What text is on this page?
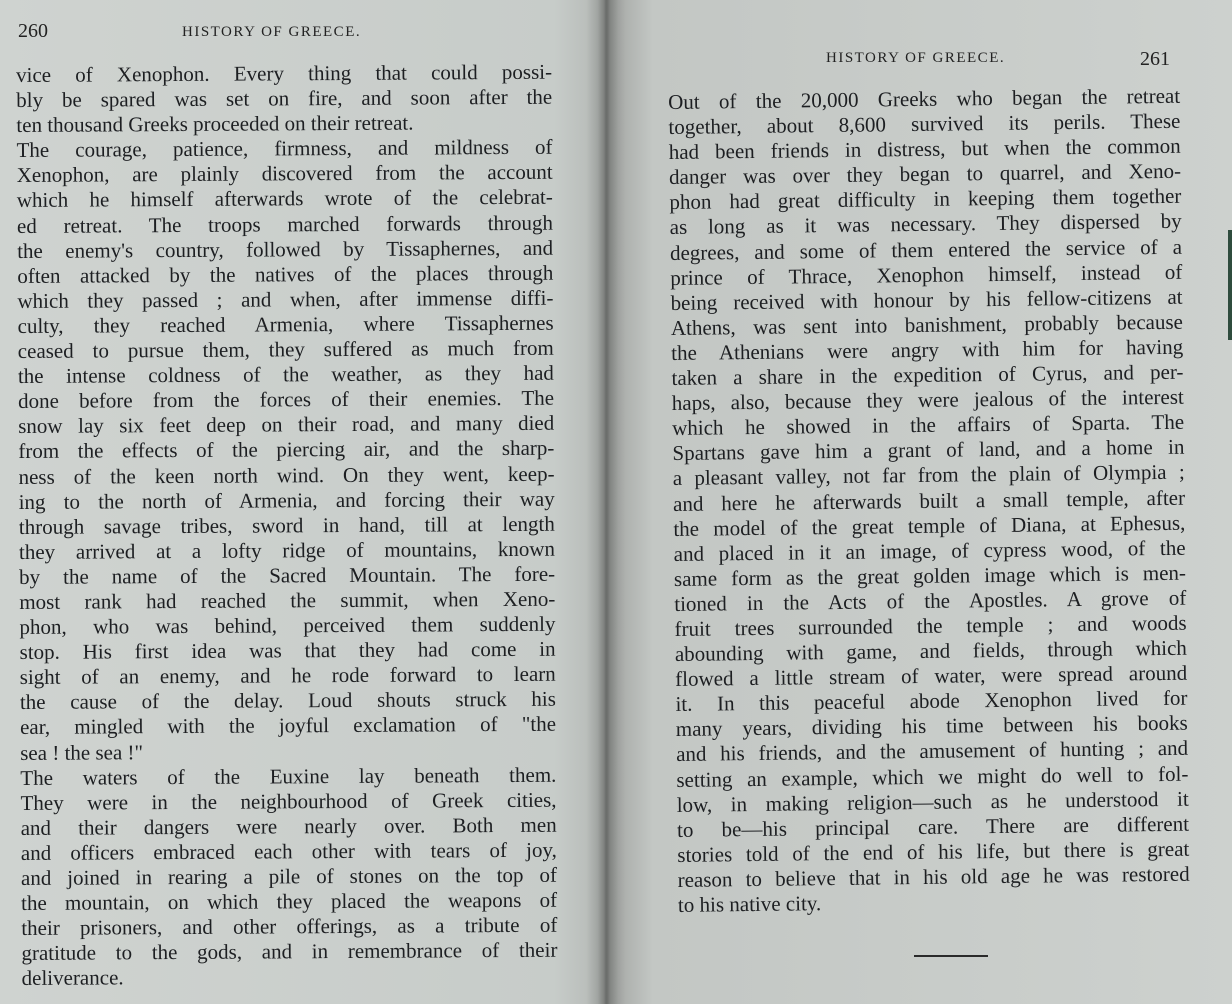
260	HISTORY OF GREECE.
vice of Xenophon. Every thing that could possi-
bly be spared was set on fire, and soon after the
ten thousand Greeks proceeded on their retreat.
The courage, patience, firmness, and mildness of
Xenophon, are plainly discovered from the account
which he himself afterwards wrote of the celebrat-
ed retreat. The troops marched forwards through
the enemy's country, followed by Tissaphernes, and
often attacked by the natives of the places through
which they passed ; and when, after immense diffi-
culty, they reached Armenia, where Tissaphernes
ceased to pursue them, they suffered as much from
the intense coldness of the weather, as they had
done before from the forces of their enemies. The
snow lay six feet deep on their road, and many died
from the effects of the piercing air, and the sharp-
ness of the keen north wind. On they went, keep-
ing to the north of Armenia, and forcing their way
through savage tribes, sword in hand, till at length
they arrived at a lofty ridge of mountains, known
by the name of the Sacred Mountain. The fore-
most rank had reached the summit, when Xeno-
phon, who was behind, perceived them suddenly
stop. His first idea was that they had come in
sight of an enemy, and he rode forward to learn
the cause of the delay. Loud shouts struck his
ear, mingled with the joyful exclamation of "the
sea ! the sea !"
The waters of the Euxine lay beneath them.
They were in the neighbourhood of Greek cities,
and their dangers were nearly over. Both men
and officers embraced each other with tears of joy,
and joined in rearing a pile of stones on the top of
the mountain, on which they placed the weapons of
their prisoners, and other offerings, as a tribute of
gratitude to the gods, and in remembrance of their
deliverance.
HISTORY OF GREECE.	261
Out of the 20,000 Greeks who began the retreat
together, about 8,600 survived its perils. These
had been friends in distress, but when the common
danger was over they began to quarrel, and Xeno-
phon had great difficulty in keeping them together
as long as it was necessary. They dispersed by
degrees, and some of them entered the service of a
prince of Thrace, Xenophon himself, instead of
being received with honour by his fellow-citizens at
Athens, was sent into banishment, probably because
the Athenians were angry with him for having
taken a share in the expedition of Cyrus, and per-
haps, also, because they were jealous of the interest
which he showed in the affairs of Sparta. The
Spartans gave him a grant of land, and a home in
a pleasant valley, not far from the plain of Olympia ;
and here he afterwards built a small temple, after
the model of the great temple of Diana, at Ephesus,
and placed in it an image, of cypress wood, of the
same form as the great golden image which is men-
tioned in the Acts of the Apostles. A grove of
fruit trees surrounded the temple ; and woods
abounding with game, and fields, through which
flowed a little stream of water, were spread around
it. In this peaceful abode Xenophon lived for
many years, dividing his time between his books
and his friends, and the amusement of hunting ; and
setting an example, which we might do well to fol-
low, in making religion—such as he understood it
to be—his principal care. There are different
stories told of the end of his life, but there is great
reason to believe that in his old age he was restored
to his native city.
